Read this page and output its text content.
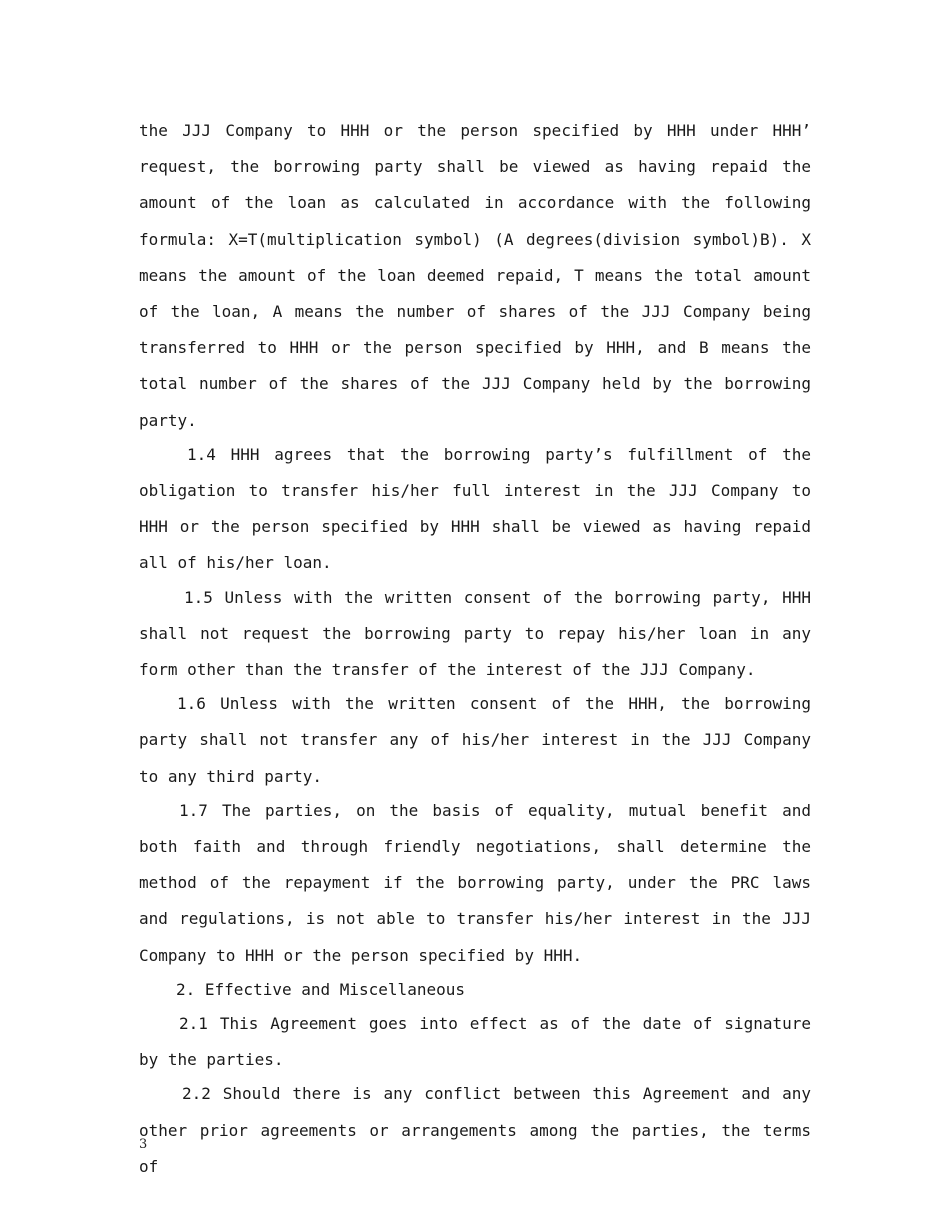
the JJJ Company to HHH or the person specified by HHH under HHH’ request, the borrowing party shall be viewed as having repaid the amount of the loan as calculated in accordance with the following formula: X=T(multiplication symbol) (A degrees(division symbol)B). X means the amount of the loan deemed repaid, T means the total amount of the loan, A means the number of shares of the JJJ Company being transferred to HHH or the person specified by HHH, and B means the total number of the shares of the JJJ Company held by the borrowing party.

1.4 HHH agrees that the borrowing party’s fulfillment of the obligation to transfer his/her full interest in the JJJ Company to HHH or the person specified by HHH shall be viewed as having repaid all of his/her loan.

1.5 Unless with the written consent of the borrowing party, HHH shall not request the borrowing party to repay his/her loan in any form other than the transfer of the interest of the JJJ Company.

1.6 Unless with the written consent of the HHH, the borrowing party shall not transfer any of his/her interest in the JJJ Company to any third party.

1.7 The parties, on the basis of equality, mutual benefit and both faith and through friendly negotiations, shall determine the method of the repayment if the borrowing party, under the PRC laws and regulations, is not able to transfer his/her interest in the JJJ Company to HHH or the person specified by HHH.

2. Effective and Miscellaneous

2.1 This Agreement goes into effect as of the date of signature by the parties.

2.2 Should there is any conflict between this Agreement and any other prior agreements or arrangements among the parties, the terms of

3
